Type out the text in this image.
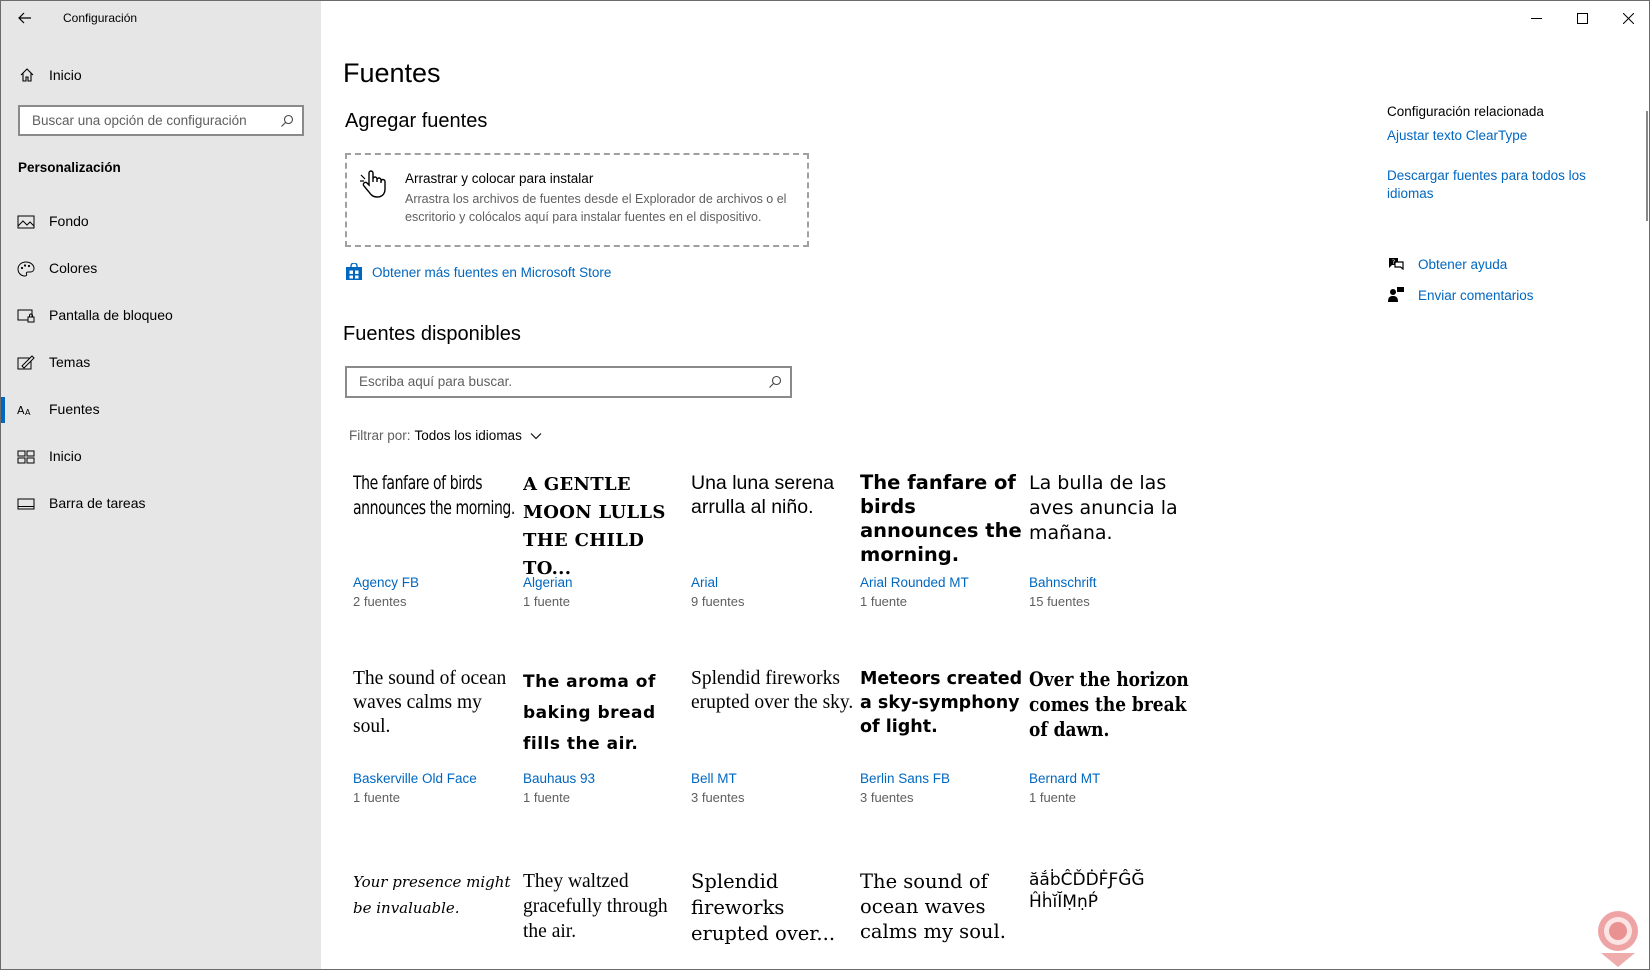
Configuración
Inicio
Buscar una opción de configuración
Personalización
Fondo
Colores
Pantalla de bloqueo
Temas
A A Fuentes
Inicio
Barra de tareas
Fuentes
Agregar fuentes
Arrastrar y colocar para instalar
Arrastra los archivos de fuentes desde el Explorador de archivos o el escritorio y colócalos aquí para instalar fuentes en el dispositivo.
Obtener más fuentes en Microsoft Store
Fuentes disponibles
Escriba aquí para buscar.
Filtrar por: Todos los idiomas
The fanfare of birds announces the morning.
Agency FB
2 fuentes
A GENTLE MOON LULLS THE CHILD TO...
Algerian
1 fuente
Una luna serena arrulla al niño.
Arial
9 fuentes
The fanfare of birds announces the morning.
Arial Rounded MT
1 fuente
La bulla de las aves anuncia la mañana.
Bahnschrift
15 fuentes
The sound of ocean waves calms my soul.
Baskerville Old Face
1 fuente
The aroma of baking bread fills the air.
Bauhaus 93
1 fuente
Splendid fireworks erupted over the sky.
Bell MT
3 fuentes
Meteors created a sky-symphony of light.
Berlin Sans FB
3 fuentes
Over the horizon comes the break of dawn.
Bernard MT
1 fuente
Your presence might be invaluable.
They waltzed gracefully through the air.
Splendid fireworks erupted over...
The sound of ocean waves calms my soul.
ăắḃĈĎḊḞƑĜĞ ĤḣĭĬṂṇṔ
Configuración relacionada
Ajustar texto ClearType
Descargar fuentes para todos los idiomas
? Obtener ayuda
Enviar comentarios
